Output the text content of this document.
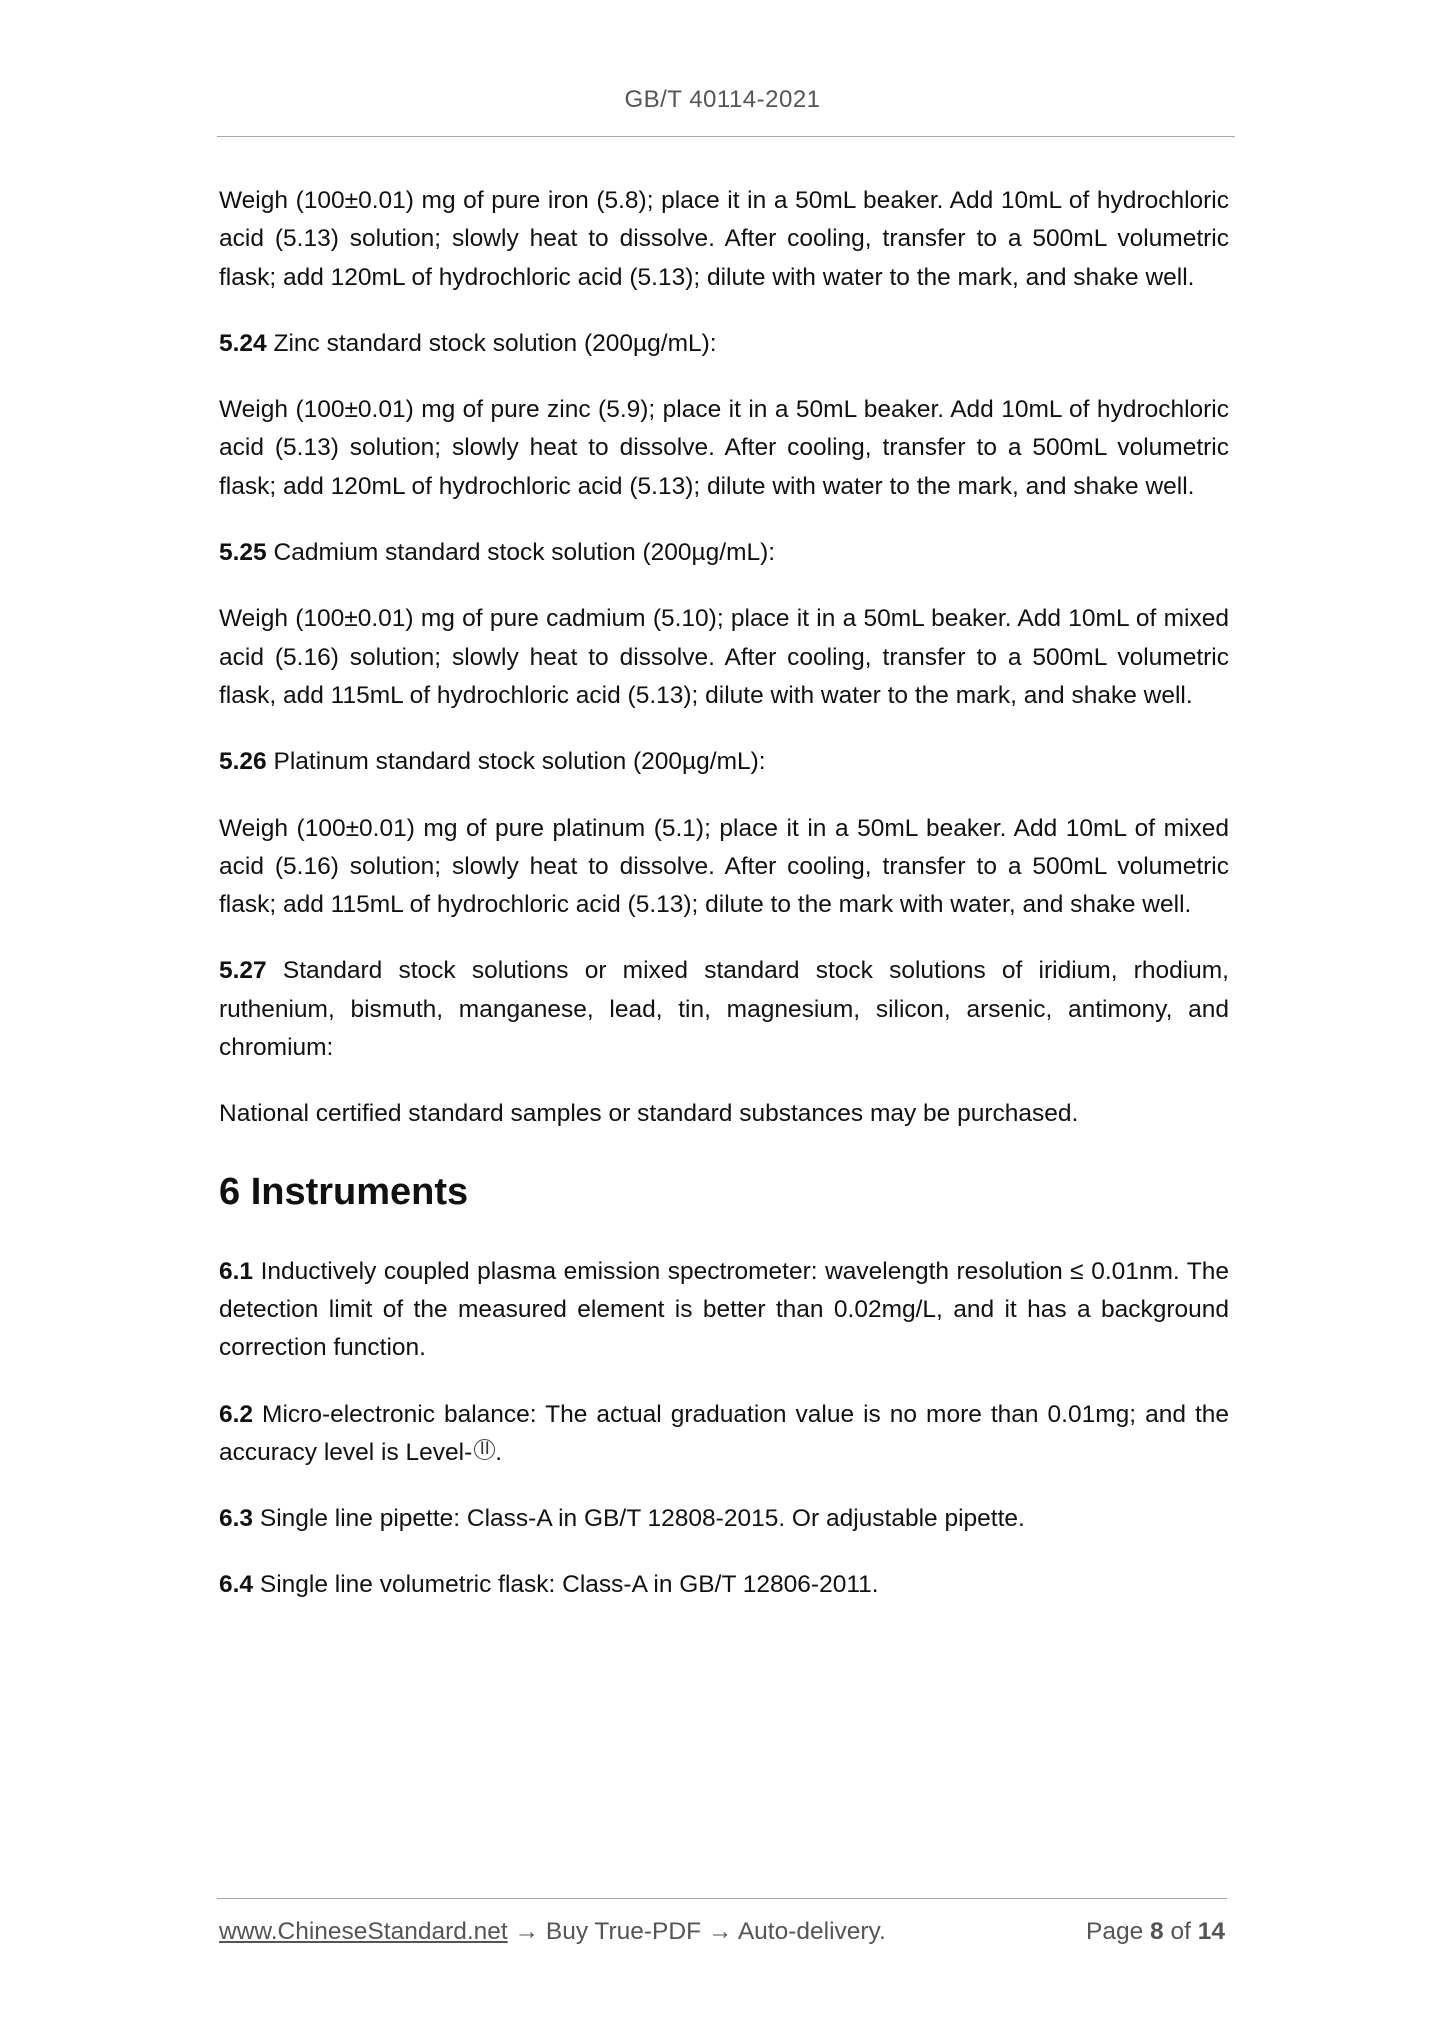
GB/T 40114-2021

Weigh (100±0.01) mg of pure iron (5.8); place it in a 50mL beaker. Add 10mL of hydrochloric acid (5.13) solution; slowly heat to dissolve. After cooling, transfer to a 500mL volumetric flask; add 120mL of hydrochloric acid (5.13); dilute with water to the mark, and shake well.

5.24 Zinc standard stock solution (200µg/mL):

Weigh (100±0.01) mg of pure zinc (5.9); place it in a 50mL beaker. Add 10mL of hydrochloric acid (5.13) solution; slowly heat to dissolve. After cooling, transfer to a 500mL volumetric flask; add 120mL of hydrochloric acid (5.13); dilute with water to the mark, and shake well.

5.25 Cadmium standard stock solution (200µg/mL):

Weigh (100±0.01) mg of pure cadmium (5.10); place it in a 50mL beaker. Add 10mL of mixed acid (5.16) solution; slowly heat to dissolve. After cooling, transfer to a 500mL volumetric flask, add 115mL of hydrochloric acid (5.13); dilute with water to the mark, and shake well.

5.26 Platinum standard stock solution (200µg/mL):

Weigh (100±0.01) mg of pure platinum (5.1); place it in a 50mL beaker. Add 10mL of mixed acid (5.16) solution; slowly heat to dissolve. After cooling, transfer to a 500mL volumetric flask; add 115mL of hydrochloric acid (5.13); dilute to the mark with water, and shake well.

5.27 Standard stock solutions or mixed standard stock solutions of iridium, rhodium, ruthenium, bismuth, manganese, lead, tin, magnesium, silicon, arsenic, antimony, and chromium:

National certified standard samples or standard substances may be purchased.

6 Instruments

6.1 Inductively coupled plasma emission spectrometer: wavelength resolution ≤ 0.01nm. The detection limit of the measured element is better than 0.02mg/L, and it has a background correction function.

6.2 Micro-electronic balance: The actual graduation value is no more than 0.01mg; and the accuracy level is Level- II .

6.3 Single line pipette: Class-A in GB/T 12808-2015. Or adjustable pipette.

6.4 Single line volumetric flask: Class-A in GB/T 12806-2011.

www.ChineseStandard.net → Buy True-PDF → Auto-delivery.	Page 8 of 14
